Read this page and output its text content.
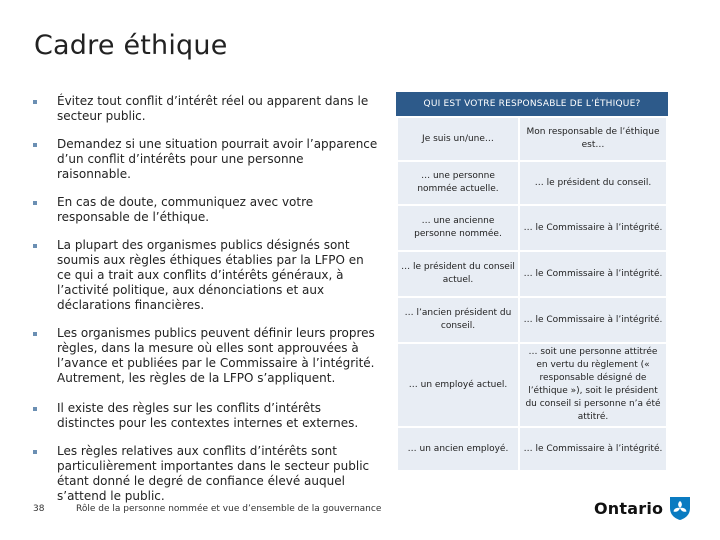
Cadre éthique
Évitez tout conflit d’intérêt réel ou apparent dans le secteur public.
Demandez si une situation pourrait avoir l’apparence d’un conflit d’intérêts pour une personne raisonnable.
En cas de doute, communiquez avec votre responsable de l’éthique.
La plupart des organismes publics désignés sont soumis aux règles éthiques établies par la LFPO en ce qui a trait aux conflits d’intérêts généraux, à l’activité politique, aux dénonciations et aux déclarations financières.
Les organismes publics peuvent définir leurs propres règles, dans la mesure où elles sont approuvées à l’avance et publiées par le Commissaire à l’intégrité. Autrement, les règles de la LFPO s’appliquent.
Il existe des règles sur les conflits d’intérêts distinctes pour les contextes internes et externes.
Les règles relatives aux conflits d’intérêts sont particulièrement importantes dans le secteur public étant donné le degré de confiance élevé auquel s’attend le public.
QUI EST VOTRE RESPONSABLE DE L’ÉTHIQUE?
Je suis un/une…	Mon responsable de l’éthique est…
… une personne nommée actuelle.	… le président du conseil.
… une ancienne personne nommée.	… le Commissaire à l’intégrité.
… le président du conseil actuel.	… le Commissaire à l’intégrité.
… l’ancien président du conseil.	… le Commissaire à l’intégrité.
… un employé actuel.	… soit une personne attitrée en vertu du règlement (« responsable désigné de l’éthique »), soit le président du conseil si personne n’a été attitré.
… un ancien employé.	… le Commissaire à l’intégrité.
38	Rôle de la personne nommée et vue d’ensemble de la gouvernance	Ontario
